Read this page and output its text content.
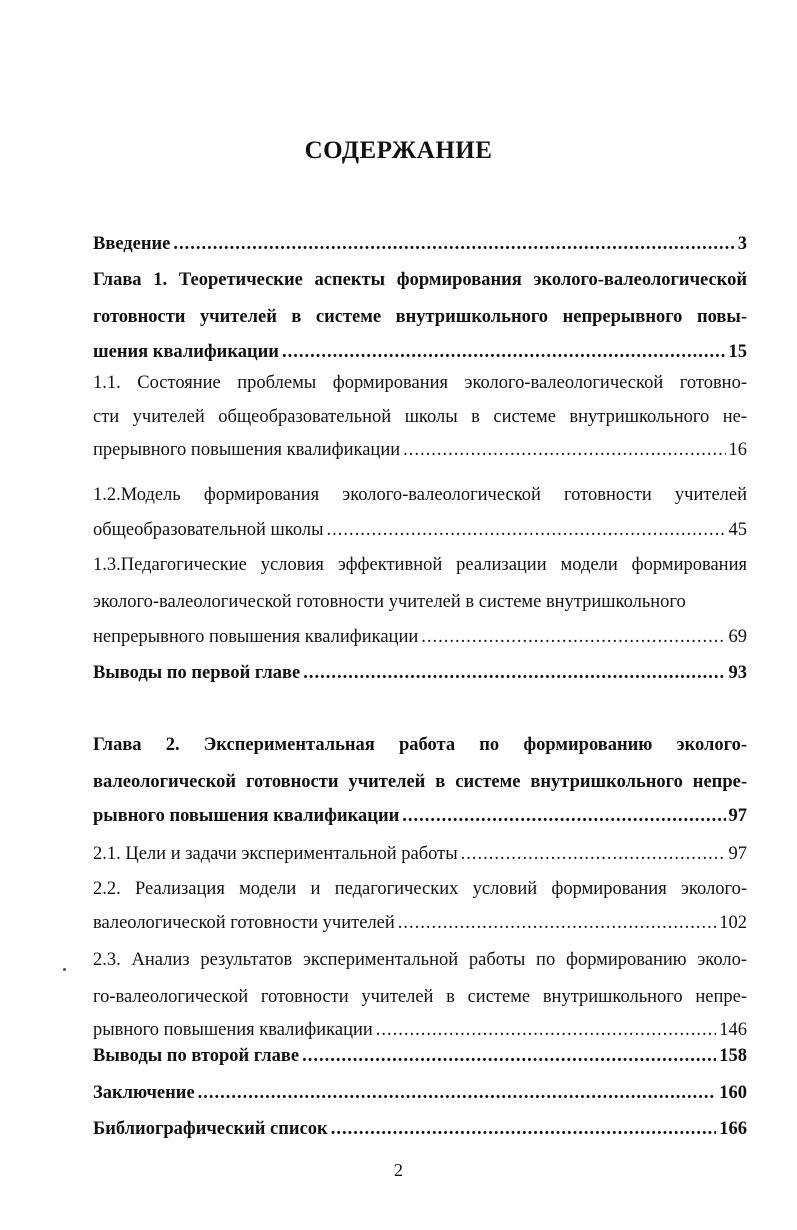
СОДЕРЖАНИЕ
Введение .....	3
Глава 1. Теоретические аспекты формирования эколого-валеологической
готовности учителей в системе внутришкольного непрерывного повы-
шения квалификации .....	15
1.1. Состояние проблемы формирования эколого-валеологической готовно-
сти учителей общеобразовательной школы в системе внутришкольного не-
прерывного повышения квалификации .....	16
1.2.Модель формирования эколого-валеологической готовности учителей
общеобразовательной школы .....	45
1.3.Педагогические условия эффективной реализации модели формирования
эколого-валеологической готовности учителей в системе внутришкольного
непрерывного повышения квалификации .....	69
Выводы по первой главе .....	93
Глава 2. Экспериментальная работа по формированию эколого-
валеологической готовности учителей в системе внутришкольного непре-
рывного повышения квалификации .....	97
2.1. Цели и задачи экспериментальной работы .....	97
2.2. Реализация модели и педагогических условий формирования эколого-
валеологической готовности учителей .....	102
2.3. Анализ результатов экспериментальной работы по формированию эколо-
го-валеологической готовности учителей в системе внутришкольного непре-
рывного повышения квалификации .....	146
Выводы по второй главе .....	158
Заключение .....	160
Библиографический список .....	166
2
